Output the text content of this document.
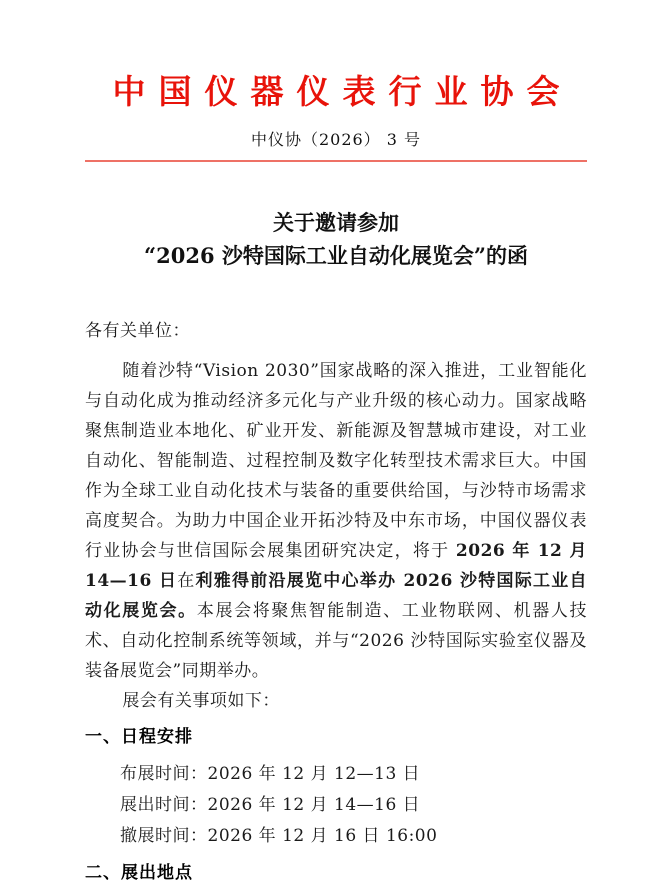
中国仪器仪表行业协会
中仪协（2026） 3 号
关于邀请参加
“2026 沙特国际工业自动化展览会”的函
各有关单位：

随着沙特“Vision 2030”国家战略的深入推进，工业智能化与自动化成为推动经济多元化与产业升级的核心动力。国家战略聚焦制造业本地化、矿业开发、新能源及智慧城市建设，对工业自动化、智能制造、过程控制及数字化转型技术需求巨大。中国作为全球工业自动化技术与装备的重要供给国，与沙特市场需求高度契合。为助力中国企业开拓沙特及中东市场，中国仪器仪表行业协会与世信国际会展集团研究决定，将于 2026 年 12 月 14—16 日在利雅得前沿展览中心举办 2026 沙特国际工业自动化展览会。本展会将聚焦智能制造、工业物联网、机器人技术、自动化控制系统等领域，并与“2026 沙特国际实验室仪器及装备展览会”同期举办。

展会有关事项如下：

一、日程安排
布展时间：2026 年 12 月 12—13 日
展出时间：2026 年 12 月 14—16 日
撤展时间：2026 年 12 月 16 日 16:00
二、展出地点
